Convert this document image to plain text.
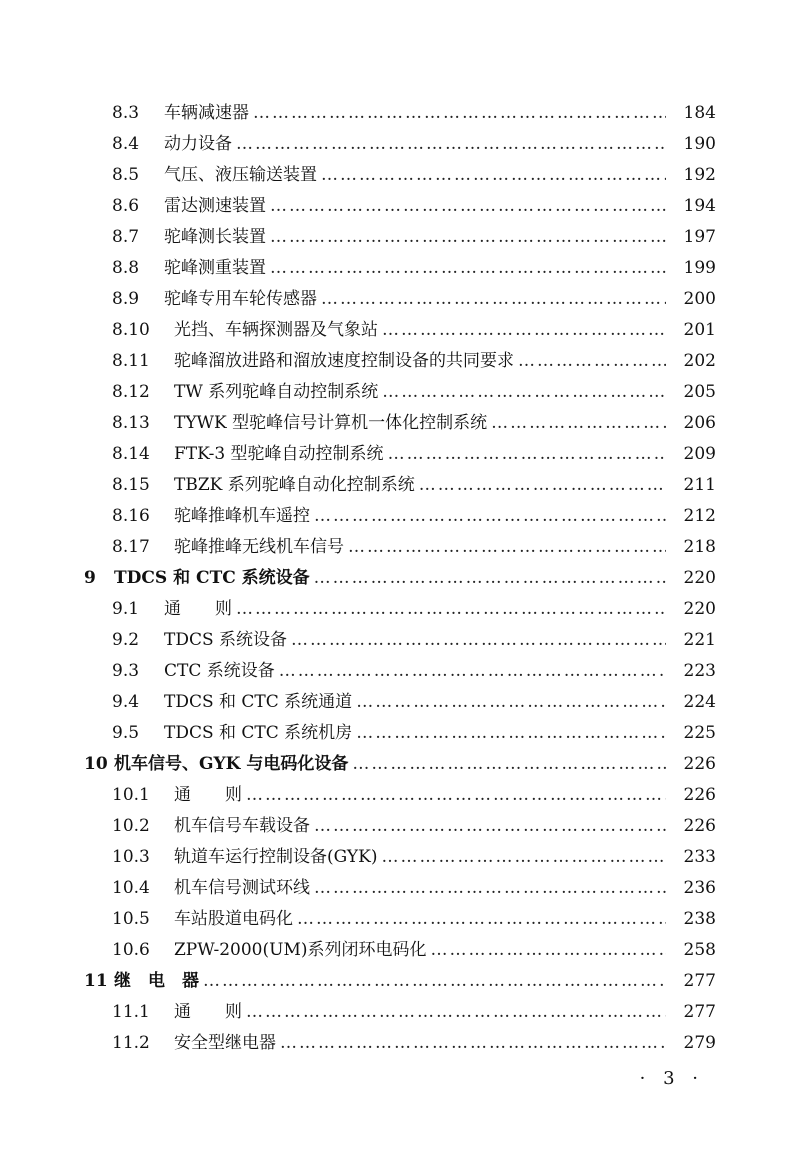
8.3	车辆减速器 ……………………………………………………………………………………………………………………………………………………………	184
8.4	动力设备 ……………………………………………………………………………………………………………………………………………………………	190
8.5	气压、液压输送装置 ……………………………………………………………………………………………………………………………………………………………	192
8.6	雷达测速装置 ……………………………………………………………………………………………………………………………………………………………	194
8.7	驼峰测长装置 ……………………………………………………………………………………………………………………………………………………………	197
8.8	驼峰测重装置 ……………………………………………………………………………………………………………………………………………………………	199
8.9	驼峰专用车轮传感器 ……………………………………………………………………………………………………………………………………………………………	200
8.10	光挡、车辆探测器及气象站 ……………………………………………………………………………………………………………………………………………………………	201
8.11	驼峰溜放进路和溜放速度控制设备的共同要求 ……………………………………………………………………………………………………………………………………………………………	202
8.12	TW 系列驼峰自动控制系统 ……………………………………………………………………………………………………………………………………………………………	205
8.13	TYWK 型驼峰信号计算机一体化控制系统 ……………………………………………………………………………………………………………………………………………………………	206
8.14	FTK-3 型驼峰自动控制系统 ……………………………………………………………………………………………………………………………………………………………	209
8.15	TBZK 系列驼峰自动化控制系统 ……………………………………………………………………………………………………………………………………………………………	211
8.16	驼峰推峰机车遥控 ……………………………………………………………………………………………………………………………………………………………	212
8.17	驼峰推峰无线机车信号 ……………………………………………………………………………………………………………………………………………………………	218
9	TDCS 和 CTC 系统设备 ……………………………………………………………………………………………………………………………………………………………	220
9.1	通　　则 ……………………………………………………………………………………………………………………………………………………………	220
9.2	TDCS 系统设备 ……………………………………………………………………………………………………………………………………………………………	221
9.3	CTC 系统设备 ……………………………………………………………………………………………………………………………………………………………	223
9.4	TDCS 和 CTC 系统通道 ……………………………………………………………………………………………………………………………………………………………	224
9.5	TDCS 和 CTC 系统机房 ……………………………………………………………………………………………………………………………………………………………	225
10 机车信号、GYK 与电码化设备 ……………………………………………………………………………………………………………………………………………………………	226
10.1	通　　则 ……………………………………………………………………………………………………………………………………………………………	226
10.2	机车信号车载设备 ……………………………………………………………………………………………………………………………………………………………	226
10.3	轨道车运行控制设备(GYK) ……………………………………………………………………………………………………………………………………………………………	233
10.4	机车信号测试环线 ……………………………………………………………………………………………………………………………………………………………	236
10.5	车站股道电码化 ……………………………………………………………………………………………………………………………………………………………	238
10.6	ZPW-2000(UM)系列闭环电码化 ……………………………………………………………………………………………………………………………………………………………	258
11 继　电　器 ……………………………………………………………………………………………………………………………………………………………	277
11.1	通　　则 ……………………………………………………………………………………………………………………………………………………………	277
11.2	安全型继电器 ……………………………………………………………………………………………………………………………………………………………	279
· 3 ·
